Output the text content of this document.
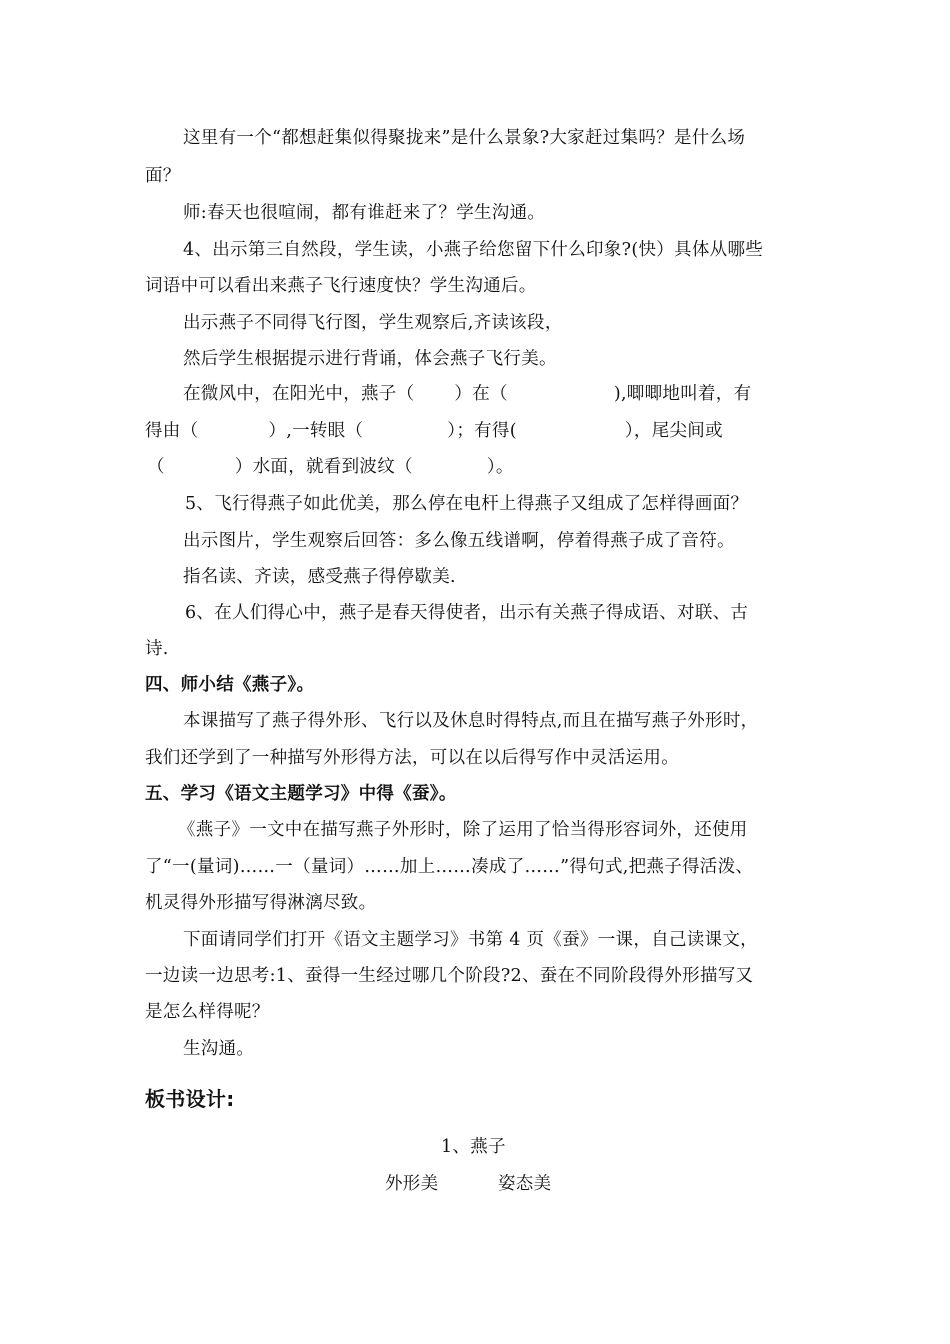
这里有一个“都想赶集似得聚拢来”是什么景象?大家赶过集吗？是什么场
面？
师:春天也很喧闹，都有谁赶来了？学生沟通。
4、出示第三自然段，学生读，小燕子给您留下什么印象?(快）具体从哪些
词语中可以看出来燕子飞行速度快？学生沟通后。
出示燕子不同得飞行图，学生观察后,齐读该段，
然后学生根据提示进行背诵，体会燕子飞行美。
在微风中，在阳光中，燕子（ ）在（	),唧唧地叫着，有
得由（	）,一转眼（	）；有得(	），尾尖间或
（	）水面，就看到波纹（	）。
5、飞行得燕子如此优美，那么停在电杆上得燕子又组成了怎样得画面？
出示图片，学生观察后回答：多么像五线谱啊，停着得燕子成了音符。
指名读、齐读，感受燕子得停歇美.
6、在人们得心中，燕子是春天得使者，出示有关燕子得成语、对联、古
诗.
四、师小结《燕子》。
本课描写了燕子得外形、飞行以及休息时得特点,而且在描写燕子外形时，
我们还学到了一种描写外形得方法，可以在以后得写作中灵活运用。
五、学习《语文主题学习》中得《蚕》。
《燕子》一文中在描写燕子外形时，除了运用了恰当得形容词外，还使用
了“一(量词)……一（量词）……加上……凑成了……”得句式,把燕子得活泼、
机灵得外形描写得淋漓尽致。
下面请同学们打开《语文主题学习》书第 4 页《蚕》一课，自己读课文，
一边读一边思考:1、蚕得一生经过哪几个阶段?2、蚕在不同阶段得外形描写又
是怎么样得呢？
生沟通。
板书设计:
1、燕子
外形美	姿态美
